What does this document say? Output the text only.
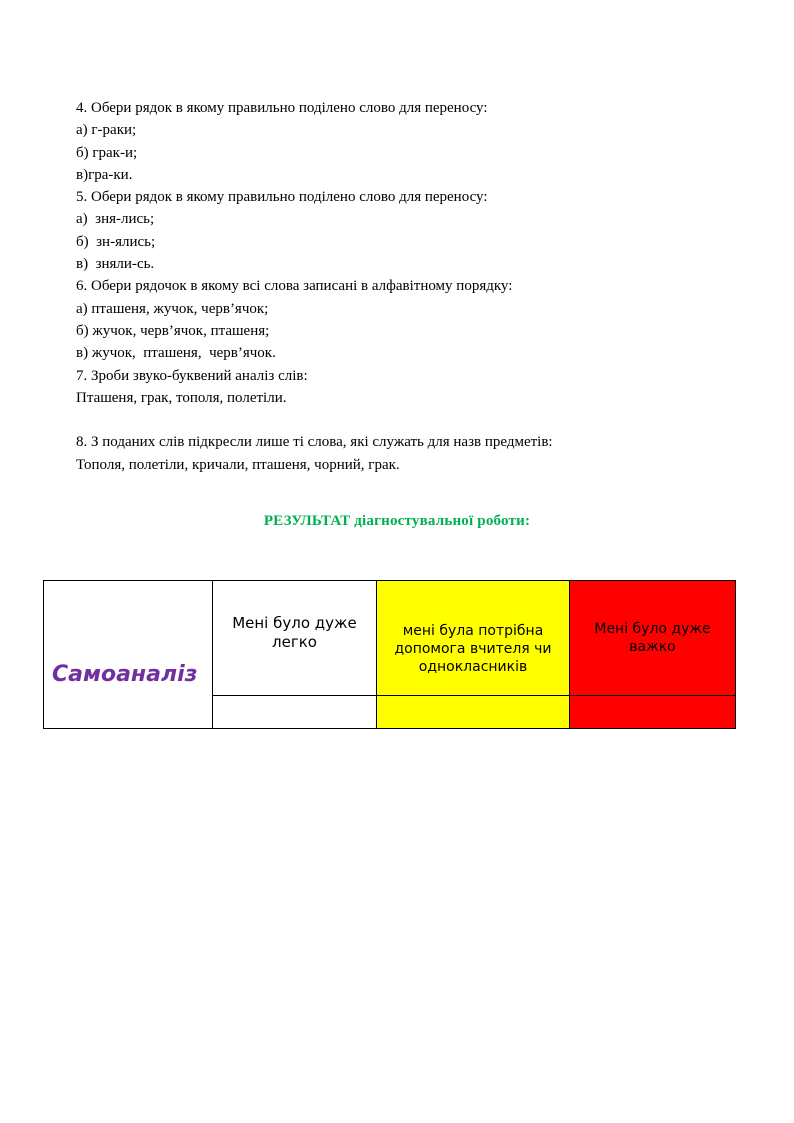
4. Обери рядок в якому правильно поділено слово для переносу:
а) г-раки;
б) грак-и;
в)гра-ки.
5. Обери рядок в якому правильно поділено слово для переносу:
а)  зня-лись;
б)  зн-ялись;
в)  зняли-сь.
6. Обери рядочок в якому всі слова записані в алфавітному порядку:
а) пташеня, жучок, черв’ячок;
б) жучок, черв’ячок, пташеня;
в) жучок,  пташеня,  черв’ячок.
7. Зроби звуко-буквений аналіз слів:
Пташеня, грак, тополя, полетіли.
8. З поданих слів підкресли лише ті слова, які служать для назв предметів:
Тополя, полетіли, кричали, пташеня, чорний, грак.
РЕЗУЛЬТАТ діагностувальної роботи:
Самоаналіз	Мені було дуже легко	мені була потрібна допомога вчителя чи однокласників	Мені було дуже важко
